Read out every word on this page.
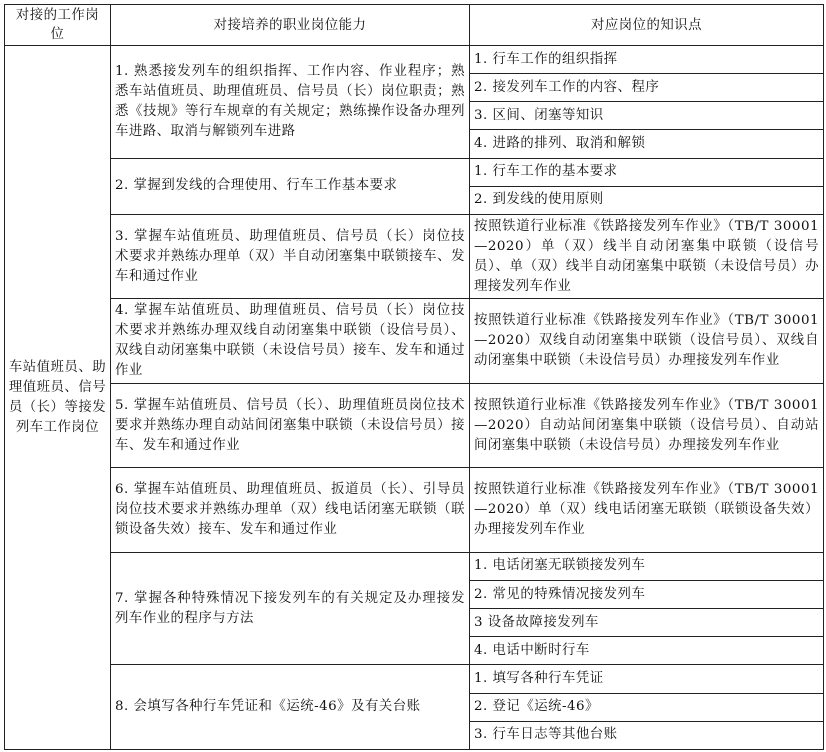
对接的工作岗位	对接培养的职业岗位能力	对应岗位的知识点
车站值班员、助理值班员、信号员（长）等接发列车工作岗位	1. 熟悉接发列车的组织指挥、工作内容、作业程序；熟悉车站值班员、助理值班员、信号员（长）岗位职责；熟悉《技规》等行车规章的有关规定；熟练操作设备办理列车进路、取消与解锁列车进路	1. 行车工作的组织指挥
		2. 接发列车工作的内容、程序
		3. 区间、闭塞等知识
		4. 进路的排列、取消和解锁
	2. 掌握到发线的合理使用、行车工作基本要求	1. 行车工作的基本要求
		2. 到发线的使用原则
	3. 掌握车站值班员、助理值班员、信号员（长）岗位技术要求并熟练办理单（双）半自动闭塞集中联锁接车、发车和通过作业	按照铁道行业标准《铁路接发列车作业》（TB/T 30001—2020）单（双）线半自动闭塞集中联锁（设信号员）、单（双）线半自动闭塞集中联锁（未设信号员）办理接发列车作业
	4. 掌握车站值班员、助理值班员、信号员（长）岗位技术要求并熟练办理双线自动闭塞集中联锁（设信号员）、双线自动闭塞集中联锁（未设信号员）接车、发车和通过作业	按照铁道行业标准《铁路接发列车作业》（TB/T 30001—2020）双线自动闭塞集中联锁（设信号员）、双线自动闭塞集中联锁（未设信号员）办理接发列车作业
	5. 掌握车站值班员、信号员（长）、助理值班员岗位技术要求并熟练办理自动站间闭塞集中联锁（未设信号员）接车、发车和通过作业	按照铁道行业标准《铁路接发列车作业》（TB/T 30001—2020）自动站间闭塞集中联锁（设信号员）、自动站间闭塞集中联锁（未设信号员）办理接发列车作业
	6. 掌握车站值班员、助理值班员、扳道员（长）、引导员岗位技术要求并熟练办理单（双）线电话闭塞无联锁（联锁设备失效）接车、发车和通过作业	按照铁道行业标准《铁路接发列车作业》（TB/T 30001—2020）单（双）线电话闭塞无联锁（联锁设备失效）办理接发列车作业
	7. 掌握各种特殊情况下接发列车的有关规定及办理接发列车作业的程序与方法	1. 电话闭塞无联锁接发列车
		2. 常见的特殊情况接发列车
		3 设备故障接发列车
		4. 电话中断时行车
	8. 会填写各种行车凭证和《运统-46》及有关台账	1. 填写各种行车凭证
		2. 登记《运统-46》
		3. 行车日志等其他台账
